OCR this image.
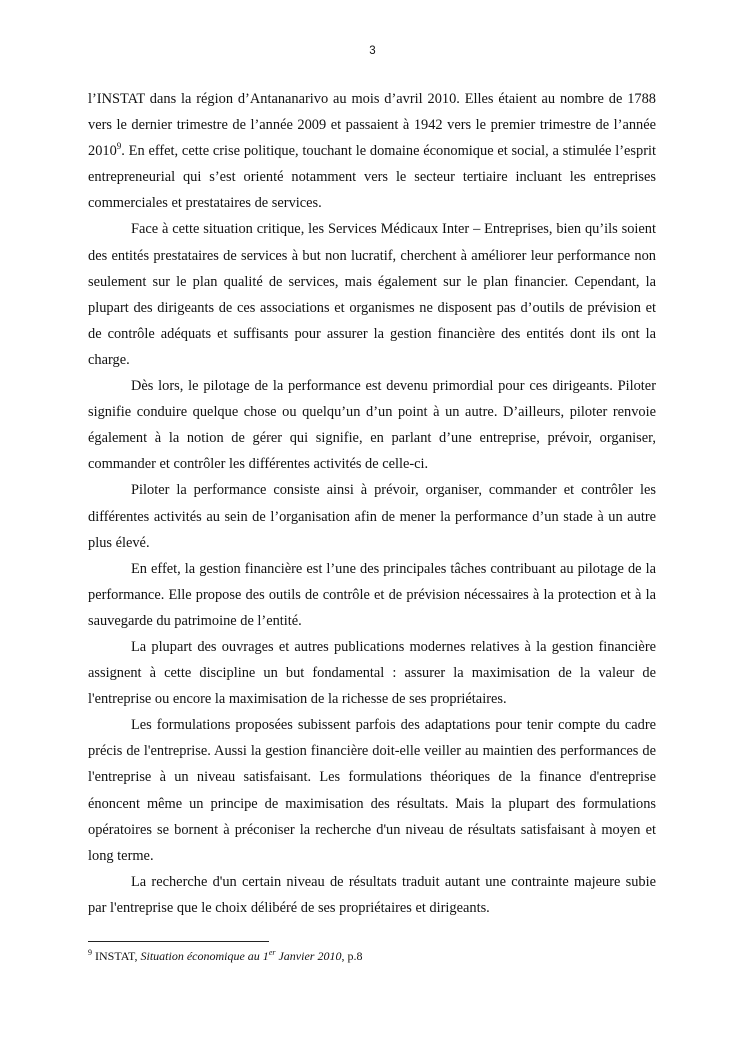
3

l’INSTAT dans la région d’Antananarivo au mois d’avril 2010. Elles étaient au nombre de 1788 vers le dernier trimestre de l’année 2009 et passaient à 1942 vers le premier trimestre de l’année 2010$^9$. En effet, cette crise politique, touchant le domaine économique et social, a stimulée l’esprit entrepreneurial qui s’est orienté notamment vers le secteur tertiaire incluant les entreprises commerciales et prestataires de services.

Face à cette situation critique, les Services Médicaux Inter – Entreprises, bien qu’ils soient des entités prestataires de services à but non lucratif, cherchent à améliorer leur performance non seulement sur le plan qualité de services, mais également sur le plan financier. Cependant, la plupart des dirigeants de ces associations et organismes ne disposent pas d’outils de prévision et de contrôle adéquats et suffisants pour assurer la gestion financière des entités dont ils ont la charge.

Dès lors, le pilotage de la performance est devenu primordial pour ces dirigeants. Piloter signifie conduire quelque chose ou quelqu’un d’un point à un autre. D’ailleurs, piloter renvoie également à la notion de gérer qui signifie, en parlant d’une entreprise, prévoir, organiser, commander et contrôler les différentes activités de celle-ci.

Piloter la performance consiste ainsi à prévoir, organiser, commander et contrôler les différentes activités au sein de l’organisation afin de mener la performance d’un stade à un autre plus élevé.

En effet, la gestion financière est l’une des principales tâches contribuant au pilotage de la performance. Elle propose des outils de contrôle et de prévision nécessaires à la protection et à la sauvegarde du patrimoine de l’entité.

La plupart des ouvrages et autres publications modernes relatives à la gestion financière assignent à cette discipline un but fondamental : assurer la maximisation de la valeur de l'entreprise ou encore la maximisation de la richesse de ses propriétaires.

Les formulations proposées subissent parfois des adaptations pour tenir compte du cadre précis de l'entreprise. Aussi la gestion financière doit-elle veiller au maintien des performances de l'entreprise à un niveau satisfaisant. Les formulations théoriques de la finance d'entreprise énoncent même un principe de maximisation des résultats. Mais la plupart des formulations opératoires se bornent à préconiser la recherche d'un niveau de résultats satisfaisant à moyen et long terme.

La recherche d'un certain niveau de résultats traduit autant une contrainte majeure subie par l'entreprise que le choix délibéré de ses propriétaires et dirigeants.

$^9$ INSTAT, Situation économique au 1er Janvier 2010, p.8
